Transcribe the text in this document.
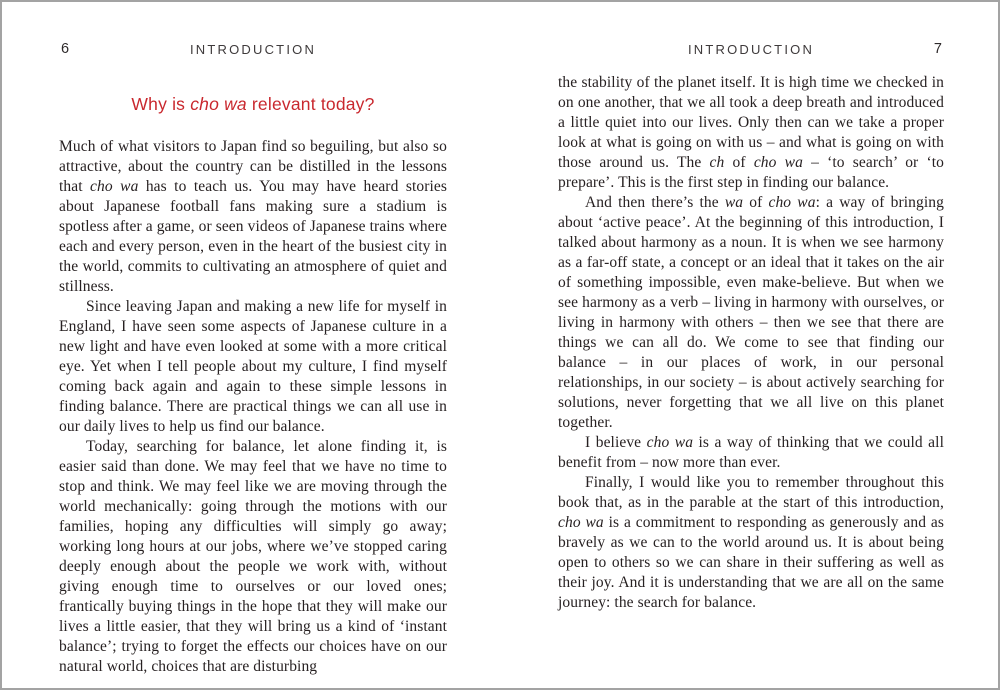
6	INTRODUCTION
Why is cho wa relevant today?

Much of what visitors to Japan find so beguiling, but also so attractive, about the country can be distilled in the lessons that cho wa has to teach us. You may have heard stories about Japanese football fans making sure a stadium is spotless after a game, or seen videos of Japanese trains where each and every person, even in the heart of the busiest city in the world, commits to cultivating an atmosphere of quiet and stillness.

Since leaving Japan and making a new life for myself in England, I have seen some aspects of Japanese culture in a new light and have even looked at some with a more critical eye. Yet when I tell people about my culture, I find myself coming back again and again to these simple lessons in finding balance. There are practical things we can all use in our daily lives to help us find our balance.

Today, searching for balance, let alone finding it, is easier said than done. We may feel that we have no time to stop and think. We may feel like we are moving through the world mechanically: going through the motions with our families, hoping any difficulties will simply go away; working long hours at our jobs, where we’ve stopped caring deeply enough about the people we work with, without giving enough time to ourselves or our loved ones; frantically buying things in the hope that they will make our lives a little easier, that they will bring us a kind of ‘instant balance’; trying to forget the effects our choices have on our natural world, choices that are disturbing

7
INTRODUCTION

the stability of the planet itself. It is high time we checked in on one another, that we all took a deep breath and introduced a little quiet into our lives. Only then can we take a proper look at what is going on with us – and what is going on with those around us. The ch of cho wa – ‘to search’ or ‘to prepare’. This is the first step in finding our balance.

And then there’s the wa of cho wa: a way of bringing about ‘active peace’. At the beginning of this introduction, I talked about harmony as a noun. It is when we see harmony as a far-off state, a concept or an ideal that it takes on the air of something impossible, even make-believe. But when we see harmony as a verb – living in harmony with ourselves, or living in harmony with others – then we see that there are things we can all do. We come to see that finding our balance – in our places of work, in our personal relationships, in our society – is about actively searching for solutions, never forgetting that we all live on this planet together.

I believe cho wa is a way of thinking that we could all benefit from – now more than ever.

Finally, I would like you to remember throughout this book that, as in the parable at the start of this introduction, cho wa is a commitment to responding as generously and as bravely as we can to the world around us. It is about being open to others so we can share in their suffering as well as their joy. And it is understanding that we are all on the same journey: the search for balance.
